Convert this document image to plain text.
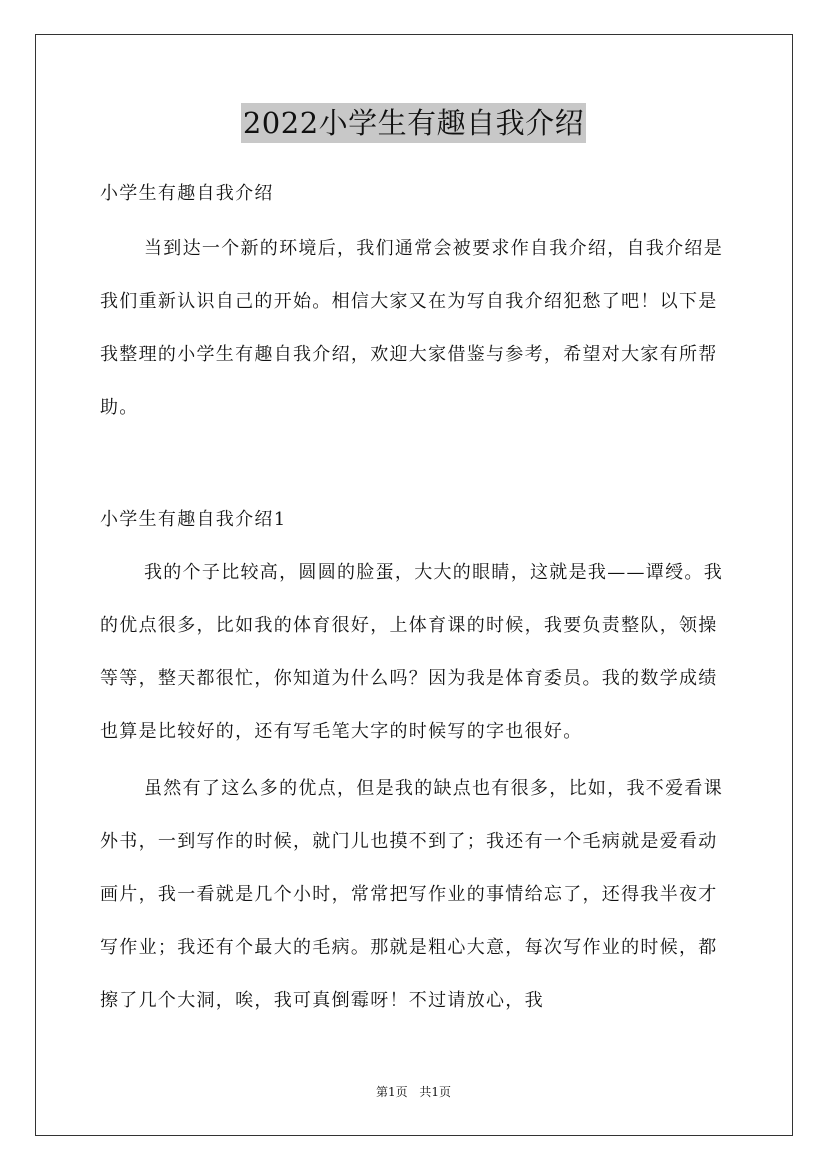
2022小学生有趣自我介绍
小学生有趣自我介绍
当到达一个新的环境后，我们通常会被要求作自我介绍，自我介绍是我们重新认识自己的开始。相信大家又在为写自我介绍犯愁了吧！以下是我整理的小学生有趣自我介绍，欢迎大家借鉴与参考，希望对大家有所帮助。
小学生有趣自我介绍1
我的个子比较高，圆圆的脸蛋，大大的眼睛，这就是我——谭绶。我的优点很多，比如我的体育很好，上体育课的时候，我要负责整队，领操等等，整天都很忙，你知道为什么吗？因为我是体育委员。我的数学成绩也算是比较好的，还有写毛笔大字的时候写的字也很好。
虽然有了这么多的优点，但是我的缺点也有很多，比如，我不爱看课外书，一到写作的时候，就门儿也摸不到了；我还有一个毛病就是爱看动画片，我一看就是几个小时，常常把写作业的事情给忘了，还得我半夜才写作业；我还有个最大的毛病。那就是粗心大意，每次写作业的时候，都擦了几个大洞，唉，我可真倒霉呀！不过请放心，我
第1页 共1页
